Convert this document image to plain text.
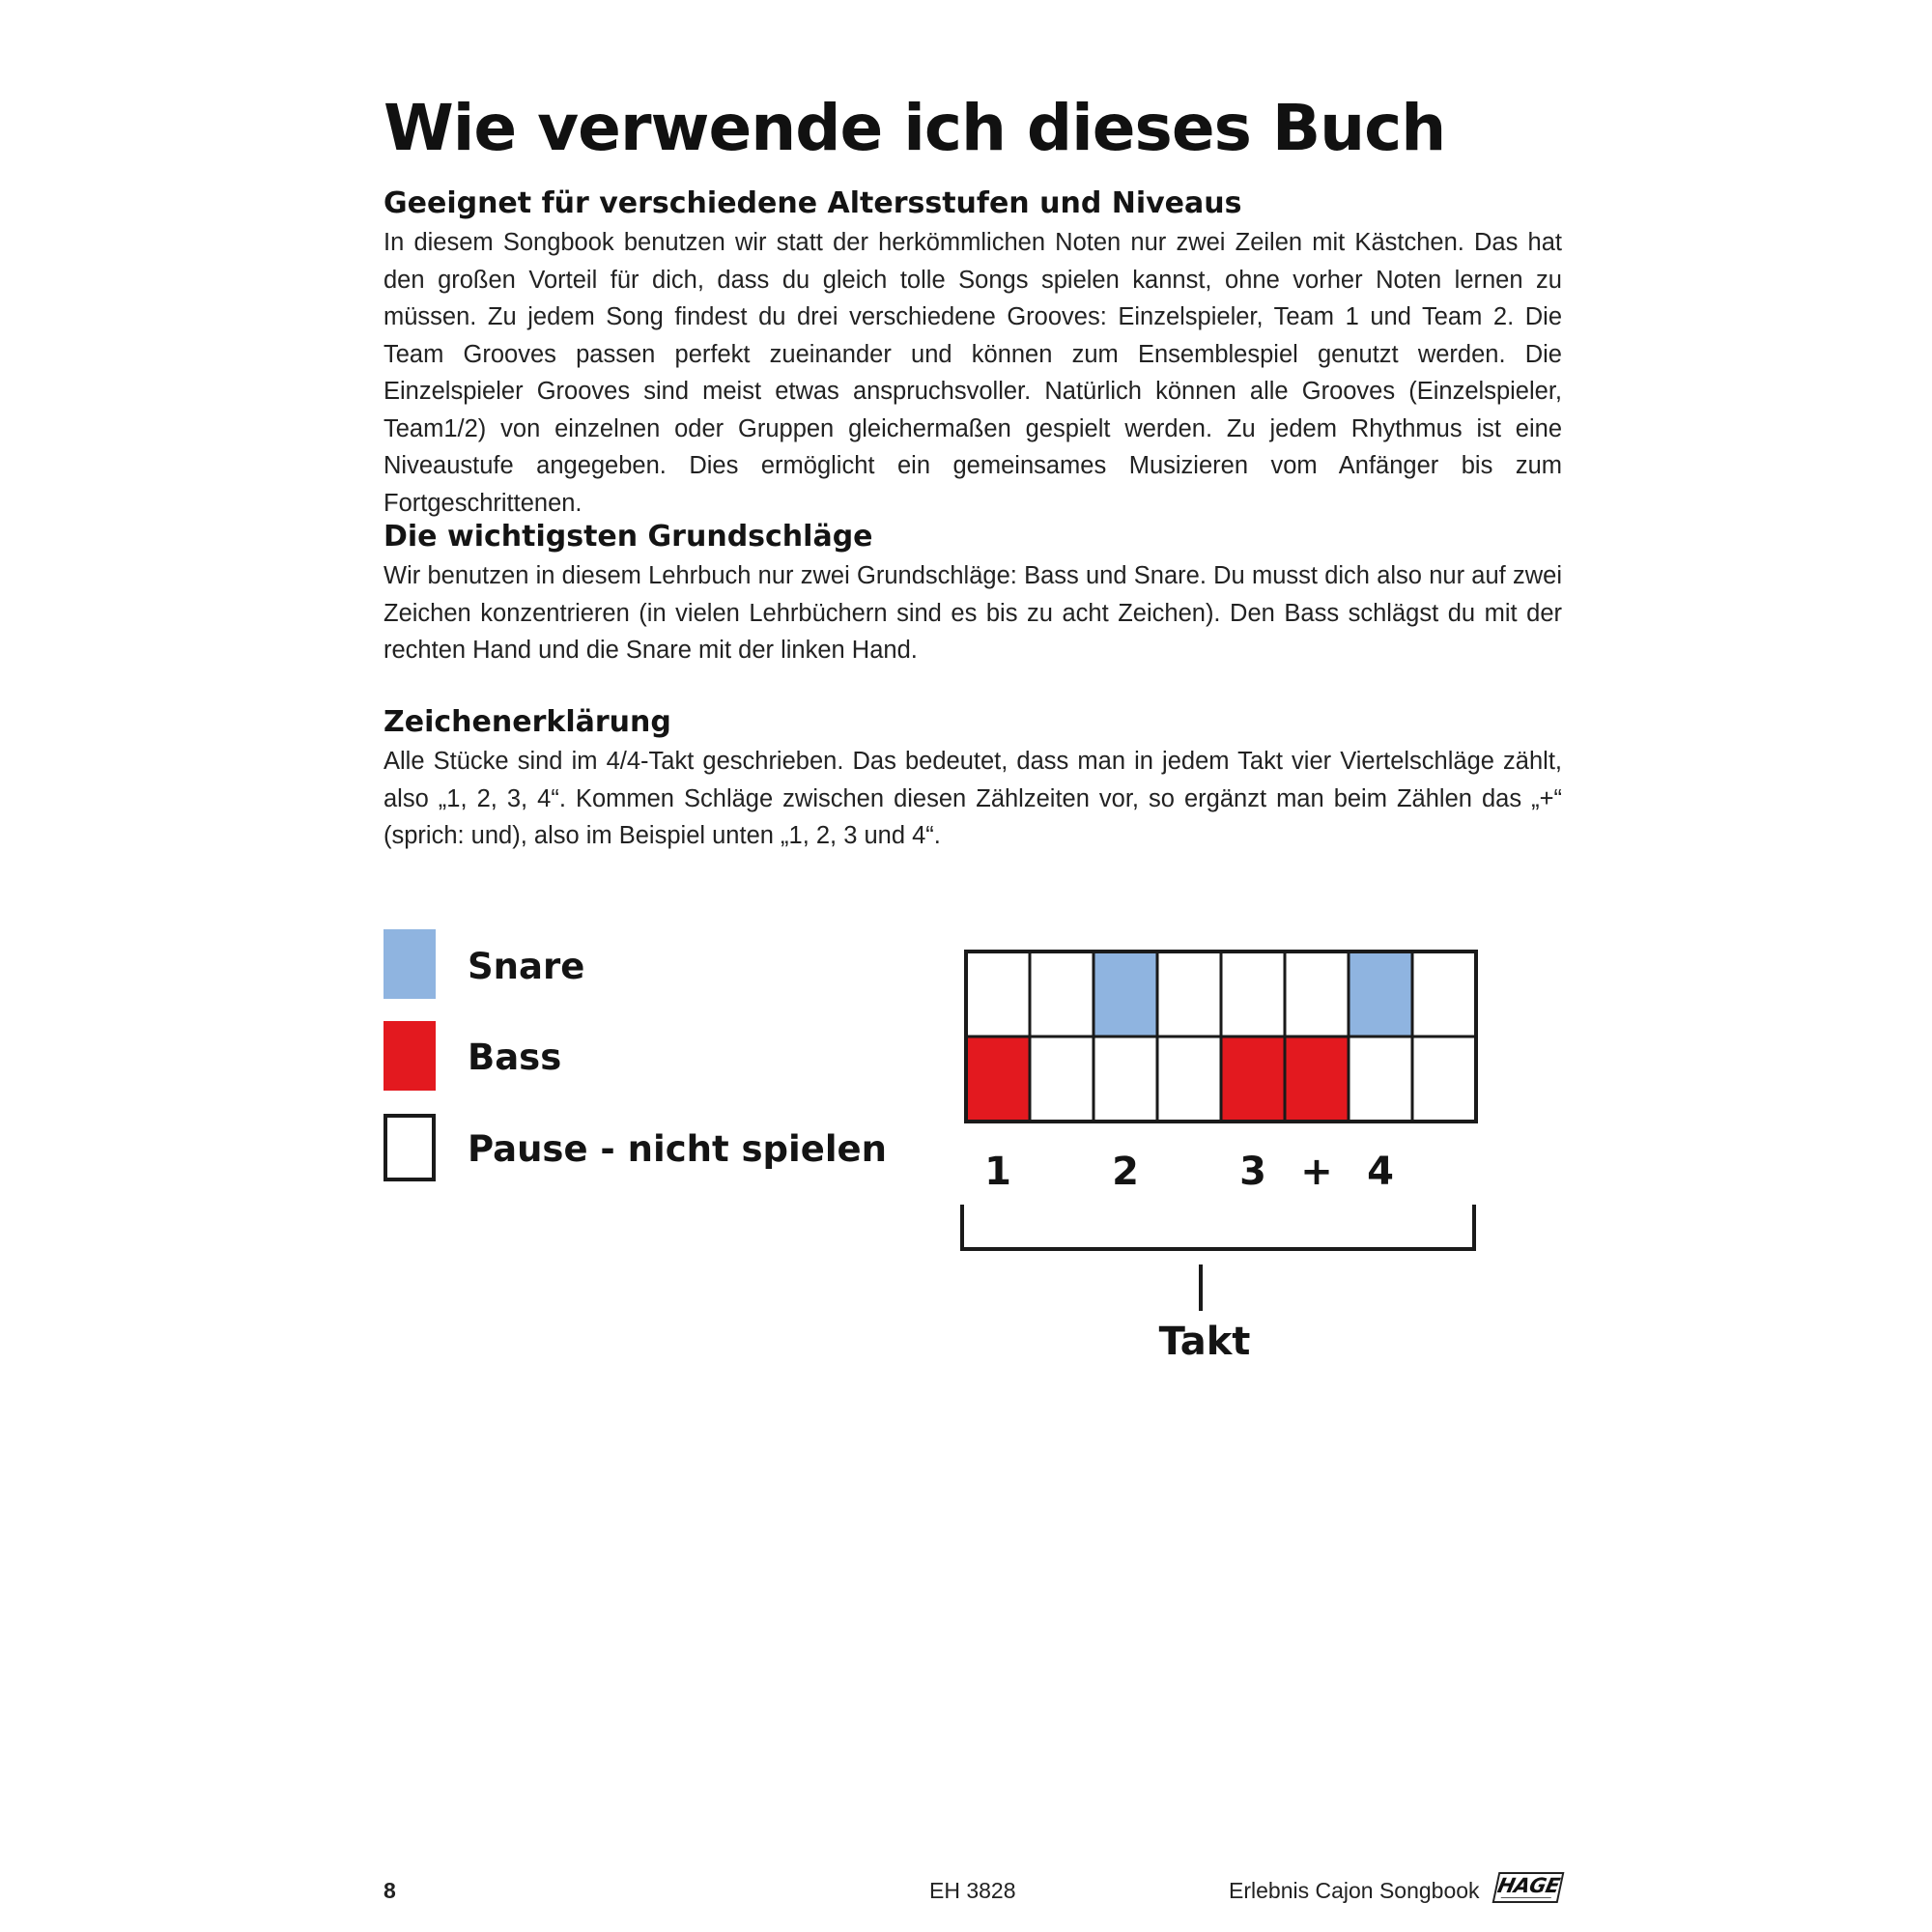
Wie verwende ich dieses Buch
Geeignet für verschiedene Altersstufen und Niveaus

In diesem Songbook benutzen wir statt der herkömmlichen Noten nur zwei Zeilen mit Kästchen. Das hat den großen Vorteil für dich, dass du gleich tolle Songs spielen kannst, ohne vorher Noten lernen zu müssen. Zu jedem Song findest du drei verschiedene Grooves: Einzelspieler, Team 1 und Team 2. Die Team Grooves passen perfekt zueinander und können zum Ensemblespiel genutzt werden. Die Einzelspieler Grooves sind meist etwas anspruchsvoller. Natürlich können alle Grooves (Einzelspieler, Team1/2) von einzelnen oder Gruppen gleichermaßen gespielt werden. Zu jedem Rhythmus ist eine Niveaustufe angegeben. Dies ermöglicht ein gemeinsames Musizieren vom Anfänger bis zum Fortgeschrittenen.

Die wichtigsten Grundschläge

Wir benutzen in diesem Lehrbuch nur zwei Grundschläge: Bass und Snare. Du musst dich also nur auf zwei Zeichen konzentrieren (in vielen Lehrbüchern sind es bis zu acht Zeichen). Den Bass schlägst du mit der rechten Hand und die Snare mit der linken Hand.

Zeichenerklärung

Alle Stücke sind im 4/4-Takt geschrieben. Das bedeutet, dass man in jedem Takt vier Viertelschläge zählt, also „1, 2, 3, 4“. Kommen Schläge zwischen diesen Zählzeiten vor, so ergänzt man beim Zählen das „+“ (sprich: und), also im Beispiel unten „1, 2, 3 und 4“.

Snare
Bass
Pause - nicht spielen
1	2	3 + 4
Takt
8	EH 3828	Erlebnis Cajon Songbook HAGE
